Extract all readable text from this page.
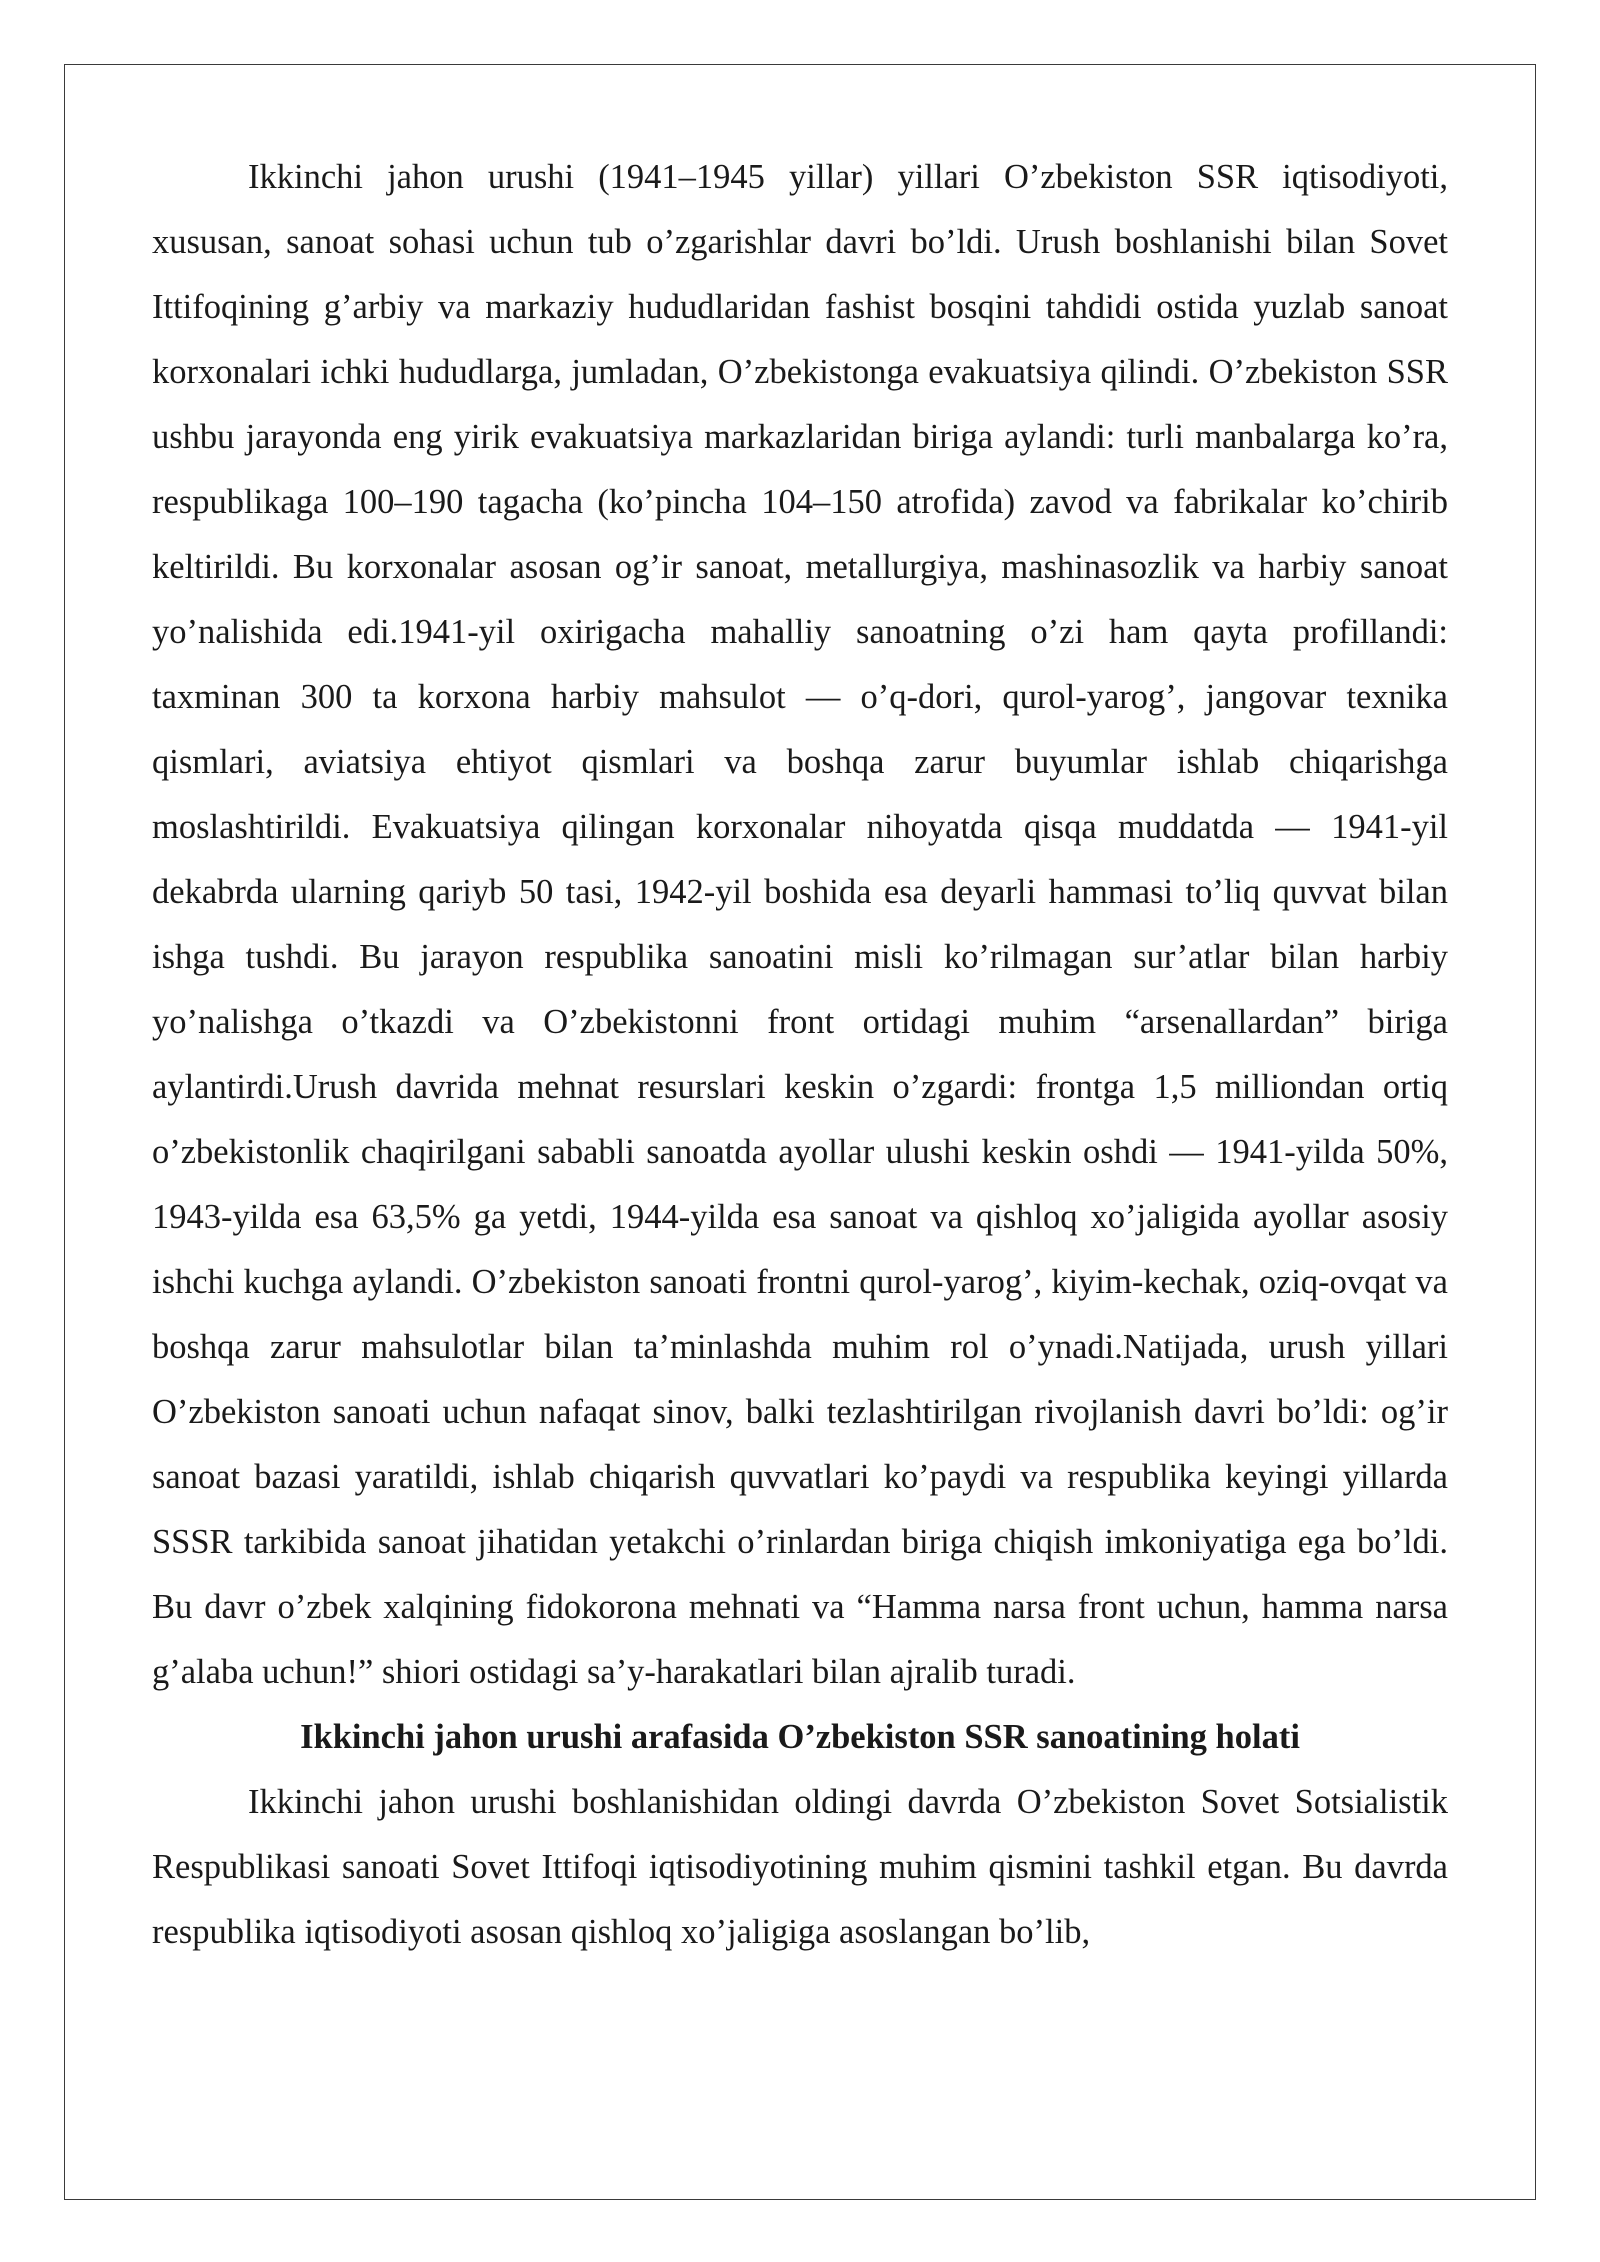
Ikkinchi jahon urushi (1941–1945 yillar) yillari O’zbekiston SSR iqtisodiyoti, xususan, sanoat sohasi uchun tub o’zgarishlar davri bo’ldi. Urush boshlanishi bilan Sovet Ittifoqining g’arbiy va markaziy hududlaridan fashist bosqini tahdidi ostida yuzlab sanoat korxonalari ichki hududlarga, jumladan, O’zbekistonga evakuatsiya qilindi. O’zbekiston SSR ushbu jarayonda eng yirik evakuatsiya markazlaridan biriga aylandi: turli manbalarga ko’ra, respublikaga 100–190 tagacha (ko’pincha 104–150 atrofida) zavod va fabrikalar ko’chirib keltirildi. Bu korxonalar asosan og’ir sanoat, metallurgiya, mashinasozlik va harbiy sanoat yo’nalishida edi.1941-yil oxirigacha mahalliy sanoatning o’zi ham qayta profillandi: taxminan 300 ta korxona harbiy mahsulot — o’q-dori, qurol-yarog’, jangovar texnika qismlari, aviatsiya ehtiyot qismlari va boshqa zarur buyumlar ishlab chiqarishga moslashtirildi. Evakuatsiya qilingan korxonalar nihoyatda qisqa muddatda — 1941-yil dekabrda ularning qariyb 50 tasi, 1942-yil boshida esa deyarli hammasi to’liq quvvat bilan ishga tushdi. Bu jarayon respublika sanoatini misli ko’rilmagan sur’atlar bilan harbiy yo’nalishga o’tkazdi va O’zbekistonni front ortidagi muhim “arsenallardan” biriga aylantirdi.Urush davrida mehnat resurslari keskin o’zgardi: frontga 1,5 milliondan ortiq o’zbekistonlik chaqirilgani sababli sanoatda ayollar ulushi keskin oshdi — 1941-yilda 50%, 1943-yilda esa 63,5% ga yetdi, 1944-yilda esa sanoat va qishloq xo’jaligida ayollar asosiy ishchi kuchga aylandi. O’zbekiston sanoati frontni qurol-yarog’, kiyim-kechak, oziq-ovqat va boshqa zarur mahsulotlar bilan ta’minlashda muhim rol o’ynadi.Natijada, urush yillari O’zbekiston sanoati uchun nafaqat sinov, balki tezlashtirilgan rivojlanish davri bo’ldi: og’ir sanoat bazasi yaratildi, ishlab chiqarish quvvatlari ko’paydi va respublika keyingi yillarda SSSR tarkibida sanoat jihatidan yetakchi o’rinlardan biriga chiqish imkoniyatiga ega bo’ldi. Bu davr o’zbek xalqining fidokorona mehnati va “Hamma narsa front uchun, hamma narsa g’alaba uchun!” shiori ostidagi sa’y-harakatlari bilan ajralib turadi.

Ikkinchi jahon urushi arafasida O’zbekiston SSR sanoatining holati

Ikkinchi jahon urushi boshlanishidan oldingi davrda O’zbekiston Sovet Sotsialistik Respublikasi sanoati Sovet Ittifoqi iqtisodiyotining muhim qismini tashkil etgan. Bu davrda respublika iqtisodiyoti asosan qishloq xo’jaligiga asoslangan bo’lib,
